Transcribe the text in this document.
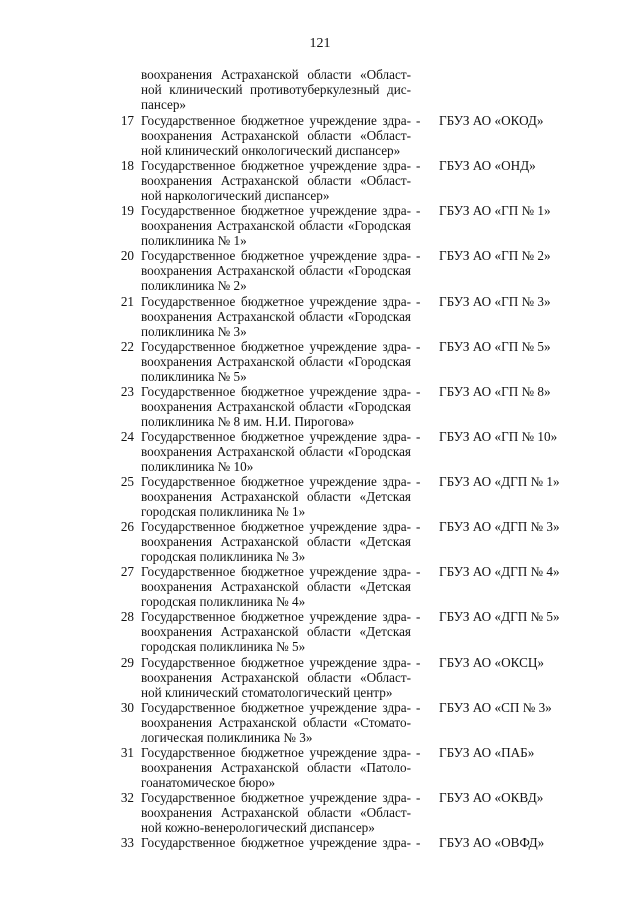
121
воохранения Астраханской области «Област-
ной клинический противотуберкулезный дис-
пансер»
17 Государственное бюджетное учреждение здра-
воохранения Астраханской области «Област-
ной клинический онкологический диспансер»
- ГБУЗ АО «ОКОД»
18 Государственное бюджетное учреждение здра-
воохранения Астраханской области «Област-
ной наркологический диспансер»
- ГБУЗ АО «ОНД»
19 Государственное бюджетное учреждение здра-
воохранения Астраханской области «Городская
поликлиника № 1»
- ГБУЗ АО «ГП № 1»
20 Государственное бюджетное учреждение здра-
воохранения Астраханской области «Городская
поликлиника № 2»
- ГБУЗ АО «ГП № 2»
21 Государственное бюджетное учреждение здра-
воохранения Астраханской области «Городская
поликлиника № 3»
- ГБУЗ АО «ГП № 3»
22 Государственное бюджетное учреждение здра-
воохранения Астраханской области «Городская
поликлиника № 5»
- ГБУЗ АО «ГП № 5»
23 Государственное бюджетное учреждение здра-
воохранения Астраханской области «Городская
поликлиника № 8 им. Н.И. Пирогова»
- ГБУЗ АО «ГП № 8»
24 Государственное бюджетное учреждение здра-
воохранения Астраханской области «Городская
поликлиника № 10»
- ГБУЗ АО «ГП № 10»
25 Государственное бюджетное учреждение здра-
воохранения Астраханской области «Детская
городская поликлиника № 1»
- ГБУЗ АО «ДГП № 1»
26 Государственное бюджетное учреждение здра-
воохранения Астраханской области «Детская
городская поликлиника № 3»
- ГБУЗ АО «ДГП № 3»
27 Государственное бюджетное учреждение здра-
воохранения Астраханской области «Детская
городская поликлиника № 4»
- ГБУЗ АО «ДГП № 4»
28 Государственное бюджетное учреждение здра-
воохранения Астраханской области «Детская
городская поликлиника № 5»
- ГБУЗ АО «ДГП № 5»
29 Государственное бюджетное учреждение здра-
воохранения Астраханской области «Област-
ной клинический стоматологический центр»
- ГБУЗ АО «ОКСЦ»
30 Государственное бюджетное учреждение здра-
воохранения Астраханской области «Стомато-
логическая поликлиника № 3»
- ГБУЗ АО «СП № 3»
31 Государственное бюджетное учреждение здра-
воохранения Астраханской области «Патоло-
гоанатомическое бюро»
- ГБУЗ АО «ПАБ»
32 Государственное бюджетное учреждение здра-
воохранения Астраханской области «Област-
ной кожно-венерологический диспансер»
- ГБУЗ АО «ОКВД»
33 Государственное бюджетное учреждение здра- - ГБУЗ АО «ОВФД»
